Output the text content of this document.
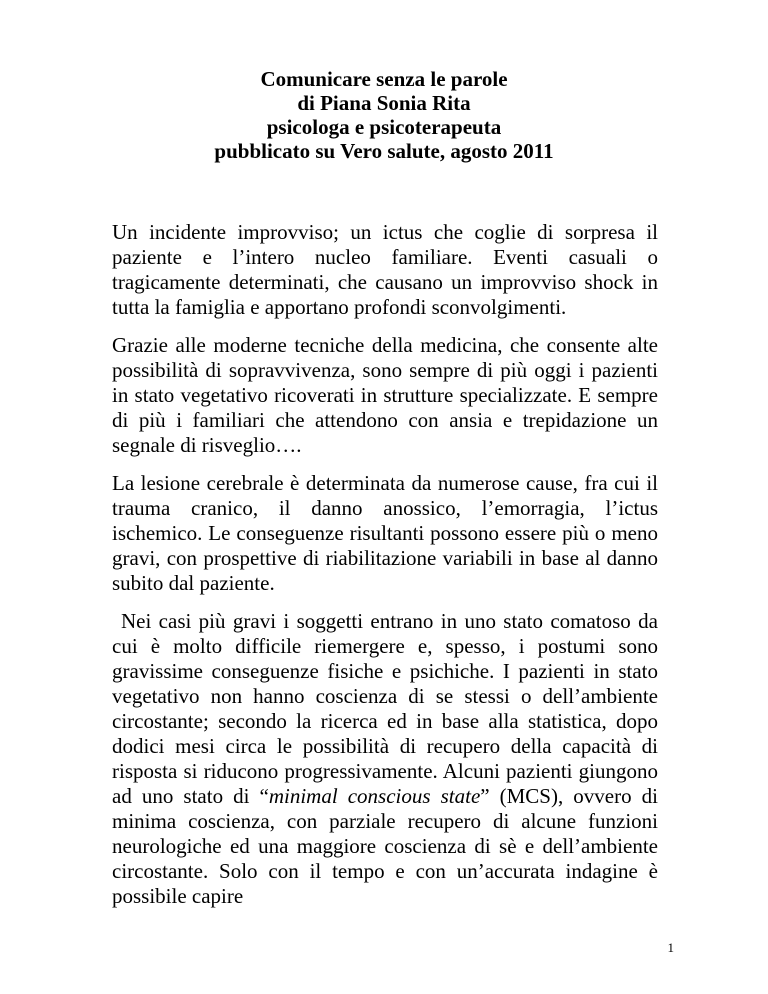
Comunicare senza le parole
di Piana Sonia Rita
psicologa e psicoterapeuta
pubblicato su Vero salute, agosto 2011

Un incidente improvviso; un ictus che coglie di sorpresa il paziente e l’intero nucleo familiare. Eventi casuali o tragicamente determinati, che causano un improvviso shock in tutta la famiglia e apportano profondi sconvolgimenti.

Grazie alle moderne tecniche della medicina, che consente alte possibilità di sopravvivenza, sono sempre di più oggi i pazienti in stato vegetativo ricoverati in strutture specializzate. E sempre di più i familiari che attendono con ansia e trepidazione un segnale di risveglio….

La lesione cerebrale è determinata da numerose cause, fra cui il trauma cranico, il danno anossico, l’emorragia, l’ictus ischemico. Le conseguenze risultanti possono essere più o meno gravi, con prospettive di riabilitazione variabili in base al danno subito dal paziente.

Nei casi più gravi i soggetti entrano in uno stato comatoso da cui è molto difficile riemergere e, spesso, i postumi sono gravissime conseguenze fisiche e psichiche. I pazienti in stato vegetativo non hanno coscienza di se stessi o dell’ambiente circostante; secondo la ricerca ed in base alla statistica, dopo dodici mesi circa le possibilità di recupero della capacità di risposta si riducono progressivamente. Alcuni pazienti giungono ad uno stato di “minimal conscious state” (MCS), ovvero di minima coscienza, con parziale recupero di alcune funzioni neurologiche ed una maggiore coscienza di sè e dell’ambiente circostante. Solo con il tempo e con un’accurata indagine è possibile capire

1
